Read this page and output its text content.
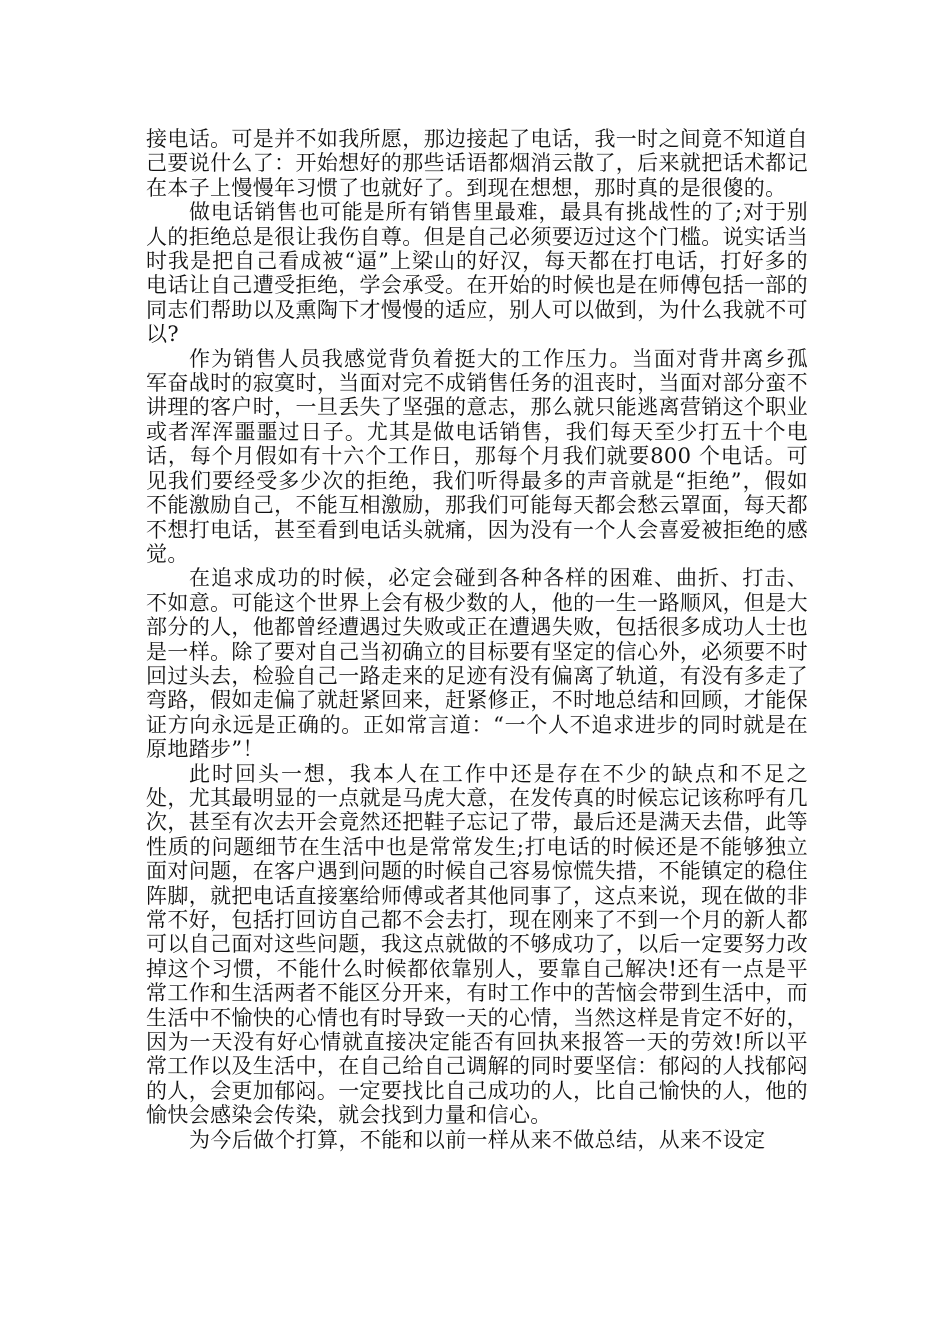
接电话。可是并不如我所愿，那边接起了电话，我一时之间竟不知道自己要说什么了：开始想好的那些话语都烟消云散了，后来就把话术都记在本子上慢慢年习惯了也就好了。到现在想想，那时真的是很傻的。

做电话销售也可能是所有销售里最难，最具有挑战性的了;对于别人的拒绝总是很让我伤自尊。但是自己必须要迈过这个门槛。说实话当时我是把自己看成被“逼”上梁山的好汉，每天都在打电话，打好多的电话让自己遭受拒绝，学会承受。在开始的时候也是在师傅包括一部的同志们帮助以及熏陶下才慢慢的适应，别人可以做到，为什么我就不可以?

作为销售人员我感觉背负着挺大的工作压力。当面对背井离乡孤军奋战时的寂寞时，当面对完不成销售任务的沮丧时，当面对部分蛮不讲理的客户时，一旦丢失了坚强的意志，那么就只能逃离营销这个职业或者浑浑噩噩过日子。尤其是做电话销售，我们每天至少打五十个电话，每个月假如有十六个工作日，那每个月我们就要800 个电话。可见我们要经受多少次的拒绝，我们听得最多的声音就是“拒绝”，假如不能激励自己，不能互相激励，那我们可能每天都会愁云罩面，每天都不想打电话，甚至看到电话头就痛，因为没有一个人会喜爱被拒绝的感觉。

在追求成功的时候，必定会碰到各种各样的困难、曲折、打击、不如意。可能这个世界上会有极少数的人，他的一生一路顺风，但是大部分的人，他都曾经遭遇过失败或正在遭遇失败，包括很多成功人士也是一样。除了要对自己当初确立的目标要有坚定的信心外，必须要不时回过头去，检验自己一路走来的足迹有没有偏离了轨道，有没有多走了弯路，假如走偏了就赶紧回来，赶紧修正，不时地总结和回顾，才能保证方向永远是正确的。正如常言道：“一个人不追求进步的同时就是在原地踏步”！

此时回头一想，我本人在工作中还是存在不少的缺点和不足之处，尤其最明显的一点就是马虎大意，在发传真的时候忘记该称呼有几次，甚至有次去开会竟然还把鞋子忘记了带，最后还是满天去借，此等性质的问题细节在生活中也是常常发生;打电话的时候还是不能够独立面对问题，在客户遇到问题的时候自己容易惊慌失措，不能镇定的稳住阵脚，就把电话直接塞给师傅或者其他同事了，这点来说，现在做的非常不好，包括打回访自己都不会去打，现在刚来了不到一个月的新人都可以自己面对这些问题，我这点就做的不够成功了，以后一定要努力改掉这个习惯，不能什么时候都依靠别人，要靠自己解决!还有一点是平常工作和生活两者不能区分开来，有时工作中的苦恼会带到生活中，而生活中不愉快的心情也有时导致一天的心情，当然这样是肯定不好的，因为一天没有好心情就直接决定能否有回执来报答一天的劳效!所以平常工作以及生活中，在自己给自己调解的同时要坚信：郁闷的人找郁闷的人，会更加郁闷。一定要找比自己成功的人，比自己愉快的人，他的愉快会感染会传染，就会找到力量和信心。

为今后做个打算，不能和以前一样从来不做总结，从来不设定
